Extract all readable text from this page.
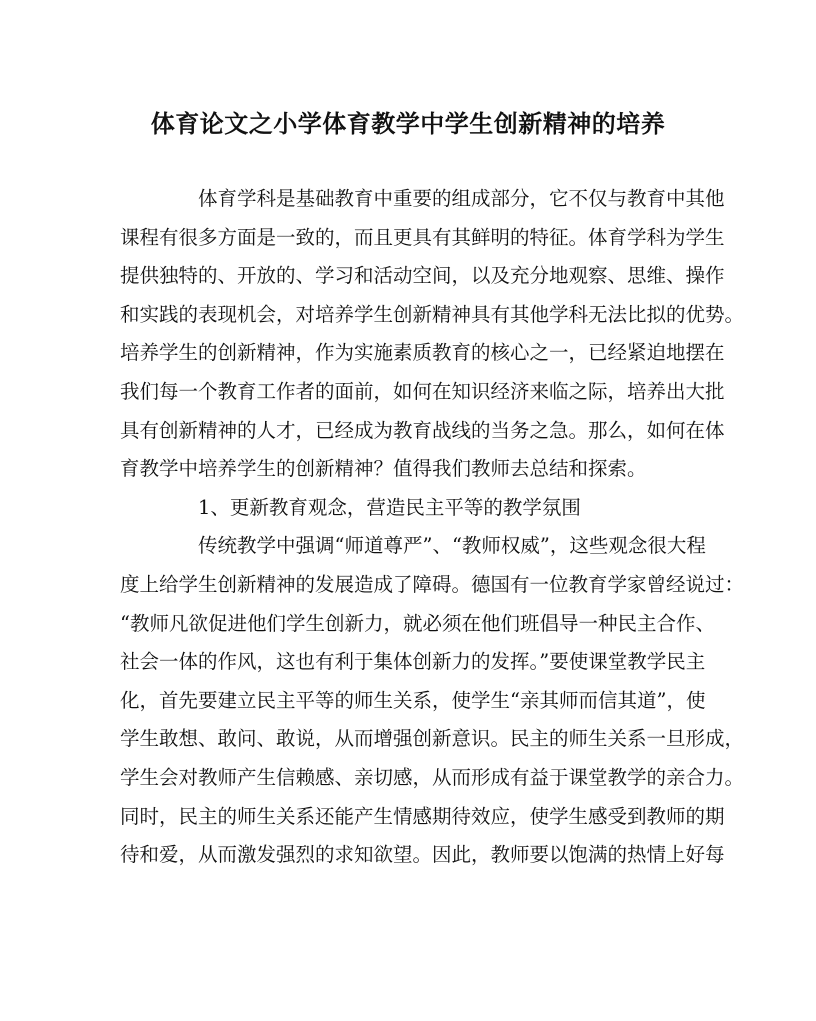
体育论文之小学体育教学中学生创新精神的培养
体育学科是基础教育中重要的组成部分，它不仅与教育中其他
课程有很多方面是一致的，而且更具有其鲜明的特征。体育学科为学生
提供独特的、开放的、学习和活动空间，以及充分地观察、思维、操作
和实践的表现机会，对培养学生创新精神具有其他学科无法比拟的优势。
培养学生的创新精神，作为实施素质教育的核心之一，已经紧迫地摆在
我们每一个教育工作者的面前，如何在知识经济来临之际，培养出大批
具有创新精神的人才，已经成为教育战线的当务之急。那么，如何在体
育教学中培养学生的创新精神？值得我们教师去总结和探索。
1、更新教育观念，营造民主平等的教学氛围
传统教学中强调“师道尊严”、“教师权威”，这些观念很大程
度上给学生创新精神的发展造成了障碍。德国有一位教育学家曾经说过：
“教师凡欲促进他们学生创新力，就必须在他们班倡导一种民主合作、
社会一体的作风，这也有利于集体创新力的发挥。”要使课堂教学民主
化，首先要建立民主平等的师生关系，使学生“亲其师而信其道”，使
学生敢想、敢问、敢说，从而增强创新意识。民主的师生关系一旦形成，
学生会对教师产生信赖感、亲切感，从而形成有益于课堂教学的亲合力。
同时，民主的师生关系还能产生情感期待效应，使学生感受到教师的期
待和爱，从而激发强烈的求知欲望。因此，教师要以饱满的热情上好每
